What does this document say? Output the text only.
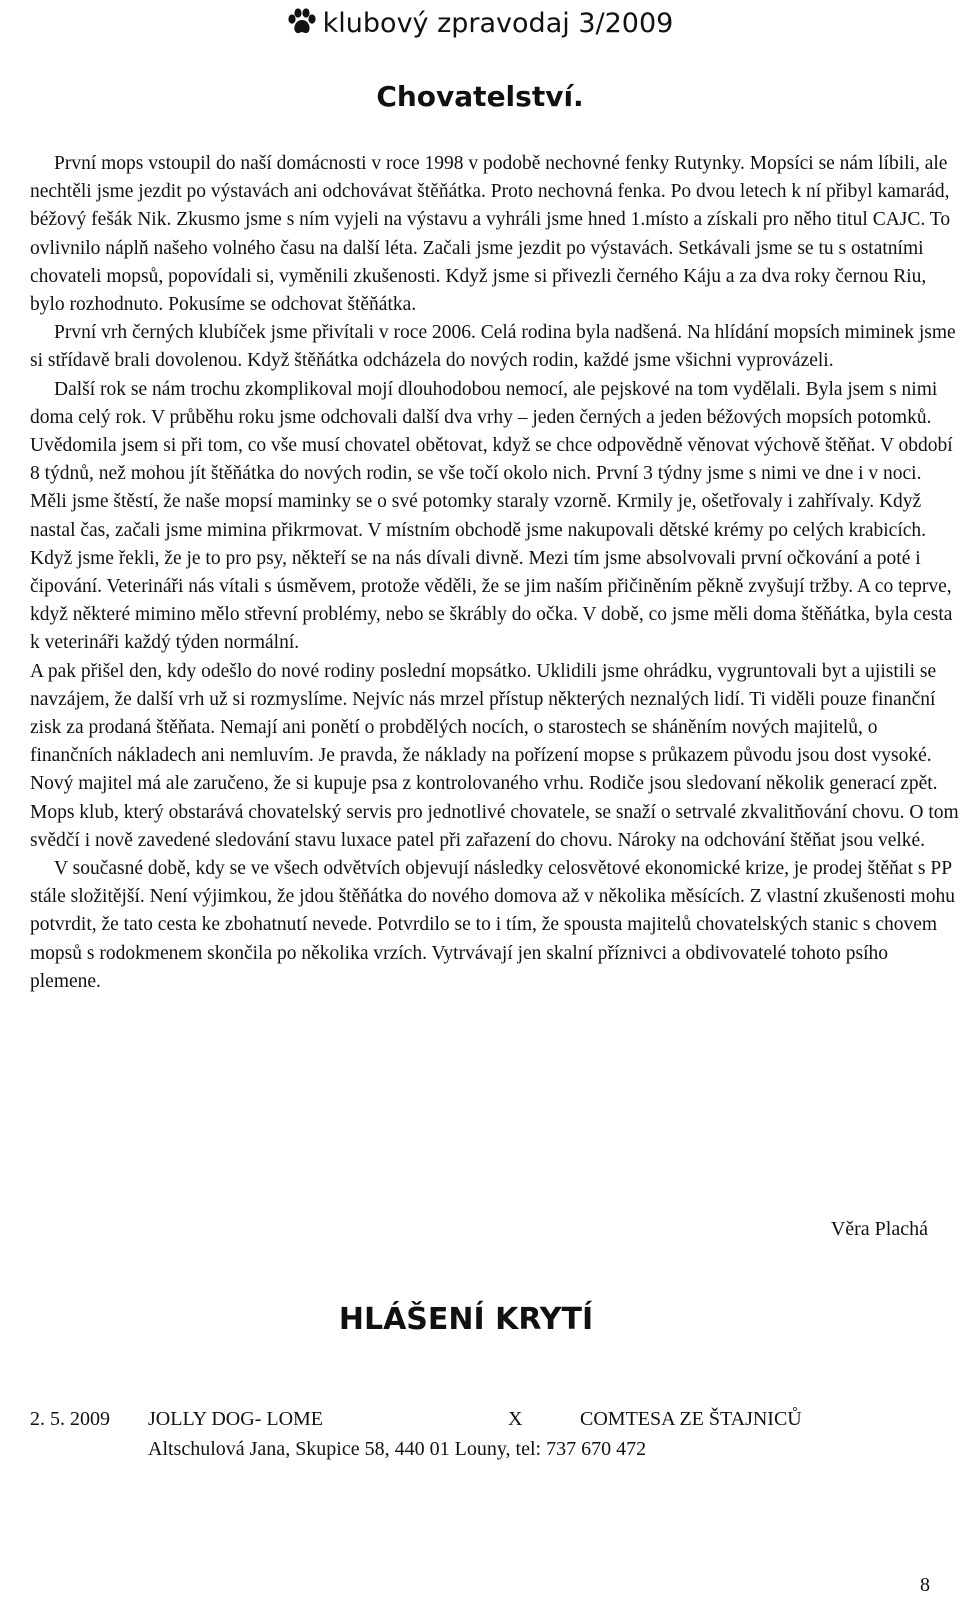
klubový zpravodaj 3/2009
Chovatelství.

První mops vstoupil do naší domácnosti v roce 1998 v podobě nechovné fenky Rutynky. Mopsíci se nám líbili, ale nechtěli jsme jezdit po výstavách ani odchovávat štěňátka. Proto nechovná fenka. Po dvou letech k ní přibyl kamarád, béžový fešák Nik. Zkusmo jsme s ním vyjeli na výstavu a vyhráli jsme hned 1.místo a získali pro něho titul CAJC. To ovlivnilo náplň našeho volného času na další léta. Začali jsme jezdit po výstavách. Setkávali jsme se tu s ostatními chovateli mopsů, popovídali si, vyměnili zkušenosti. Když jsme si přivezli černého Káju a za dva roky černou Riu, bylo rozhodnuto. Pokusíme se odchovat štěňátka.

První vrh černých klubíček jsme přivítali v roce 2006. Celá rodina byla nadšená. Na hlídání mopsích miminek jsme si střídavě brali dovolenou. Když štěňátka odcházela do nových rodin, každé jsme všichni vyprovázeli.

Další rok se nám trochu zkomplikoval mojí dlouhodobou nemocí, ale pejskové na tom vydělali. Byla jsem s nimi doma celý rok. V průběhu roku jsme odchovali další dva vrhy – jeden černých a jeden béžových mopsích potomků. Uvědomila jsem si při tom, co vše musí chovatel obětovat, když se chce odpovědně věnovat výchově štěňat. V období 8 týdnů, než mohou jít štěňátka do nových rodin, se vše točí okolo nich. První 3 týdny jsme s nimi ve dne i v noci. Měli jsme štěstí, že naše mopsí maminky se o své potomky staraly vzorně. Krmily je, ošetřovaly i zahřívaly. Když nastal čas, začali jsme mimina přikrmovat. V místním obchodě jsme nakupovali dětské krémy po celých krabicích. Když jsme řekli, že je to pro psy, někteří se na nás dívali divně. Mezi tím jsme absolvovali první očkování a poté i čipování. Veterináři nás vítali s úsměvem, protože věděli, že se jim naším přičiněním pěkně zvyšují tržby. A co teprve, když některé mimino mělo střevní problémy, nebo se škrábly do očka. V době, co jsme měli doma štěňátka, byla cesta k veterináři každý týden normální.

A pak přišel den, kdy odešlo do nové rodiny poslední mopsátko. Uklidili jsme ohrádku, vygruntovali byt a ujistili se navzájem, že další vrh už si rozmyslíme. Nejvíc nás mrzel přístup některých neznalých lidí. Ti viděli pouze finanční zisk za prodaná štěňata. Nemají ani ponětí o probdělých nocích, o starostech se sháněním nových majitelů, o finančních nákladech ani nemluvím. Je pravda, že náklady na pořízení mopse s průkazem původu jsou dost vysoké. Nový majitel má ale zaručeno, že si kupuje psa z kontrolovaného vrhu. Rodiče jsou sledovaní několik generací zpět. Mops klub, který obstarává chovatelský servis pro jednotlivé chovatele, se snaží o setrvalé zkvalitňování chovu. O tom svědčí i nově zavedené sledování stavu luxace patel při zařazení do chovu. Nároky na odchování štěňat jsou velké.

V současné době, kdy se ve všech odvětvích objevují následky celosvětové ekonomické krize, je prodej štěňat s PP stále složitější. Není výjimkou, že jdou štěňátka do nového domova až v několika měsících. Z vlastní zkušenosti mohu potvrdit, že tato cesta ke zbohatnutí nevede. Potvrdilo se to i tím, že spousta majitelů chovatelských stanic s chovem mopsů s rodokmenem skončila po několika vrzích. Vytrvávají jen skalní příznivci a obdivovatelé tohoto psího plemene.

Věra Plachá
HLÁŠENÍ KRYTÍ
2. 5. 2009 JOLLY DOG- LOME	X	COMTESA ZE ŠTAJNICŮ
Altschulová Jana, Skupice 58, 440 01 Louny, tel: 737 670 472
8
